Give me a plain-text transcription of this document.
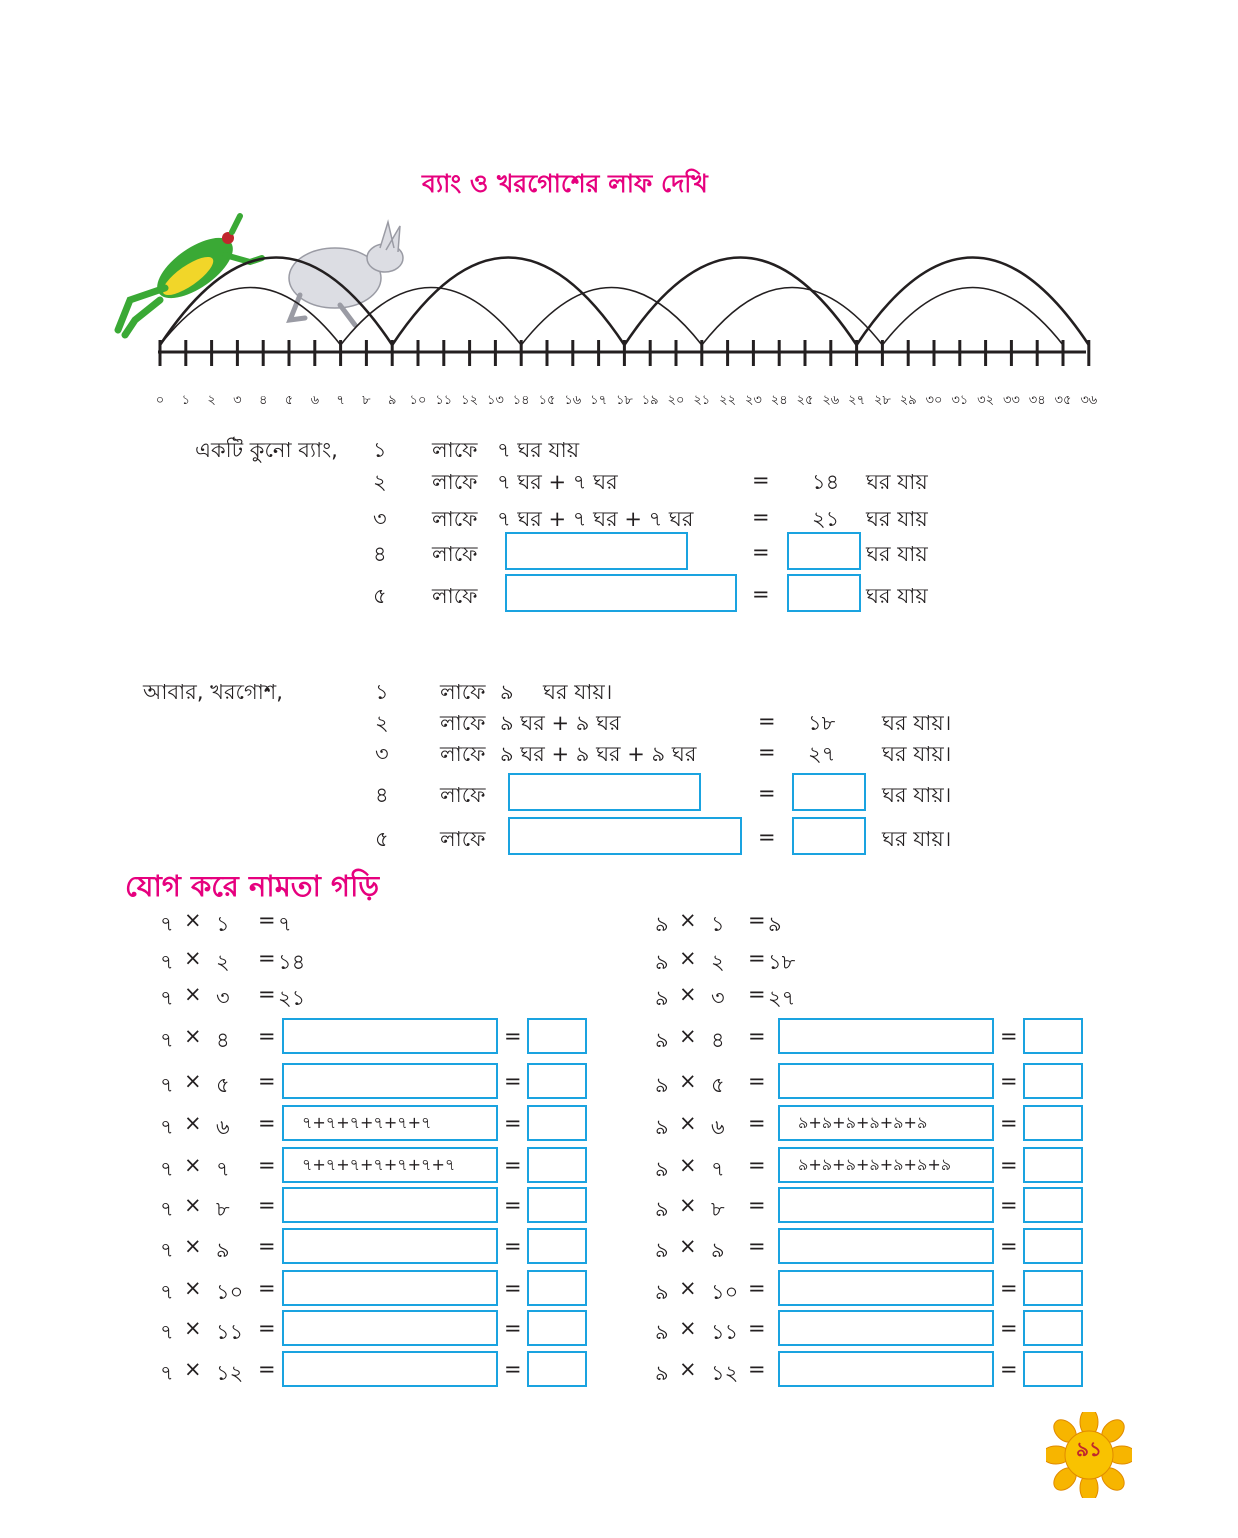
ব্যাং ও খরগোশের লাফ দেখি
০ ১ ২ ৩ ৪ ৫ ৬ ৭ ৮ ৯ ১০ ১১ ১২ ১৩ ১৪ ১৫ ১৬ ১৭ ১৮ ১৯ ২০ ২১ ২২ ২৩ ২৪ ২৫ ২৬ ২৭ ২৮ ২৯ ৩০ ৩১ ৩২ ৩৩ ৩৪ ৩৫ ৩৬
একটি কুনো ব্যাং, ১ লাফে ৭ ঘর যায়
২ লাফে ৭ ঘর + ৭ ঘর	= ১৪ ঘর যায়
৩ লাফে ৭ ঘর + ৭ ঘর + ৭ ঘর	= ২১ ঘর যায়
৪ লাফে	=	ঘর যায়
৫ লাফে	=	ঘর যায়
আবার, খরগোশ,	১ লাফে ৯ ঘর যায়।
২ লাফে ৯ ঘর + ৯ ঘর	= ১৮ ঘর যায়।
৩ লাফে ৯ ঘর + ৯ ঘর + ৯ ঘর	= ২৭ ঘর যায়।
৪ লাফে	=	ঘর যায়।
৫ লাফে	=	ঘর যায়।
যোগ করে নামতা গড়ি
৭ × ১ = ৭
৭ × ২ = ১৪
৭ × ৩ = ২১
৭ × ৪ =	=
৭ × ৫ =	=
৭ × ৬ =	৭+৭+৭+৭+৭+৭	=
৭ × ৭ =	৭+৭+৭+৭+৭+৭+৭	=
৭ × ৮ =	=
৭ × ৯ =	=
৭ × ১০ =	=
৭ × ১১ =	=
৭ × ১২ =	=
৯ × ১ = ৯
৯ × ২ = ১৮
৯ × ৩ = ২৭
৯ × ৪ =	=
৯ × ৫ =	=
৯ × ৬ =	৯+৯+৯+৯+৯+৯	=
৯ × ৭ =	৯+৯+৯+৯+৯+৯+৯	=
৯ × ৮ =	=
৯ × ৯ =	=
৯ × ১০ =	=
৯ × ১১ =	=
৯ × ১২ =	=
৯১
